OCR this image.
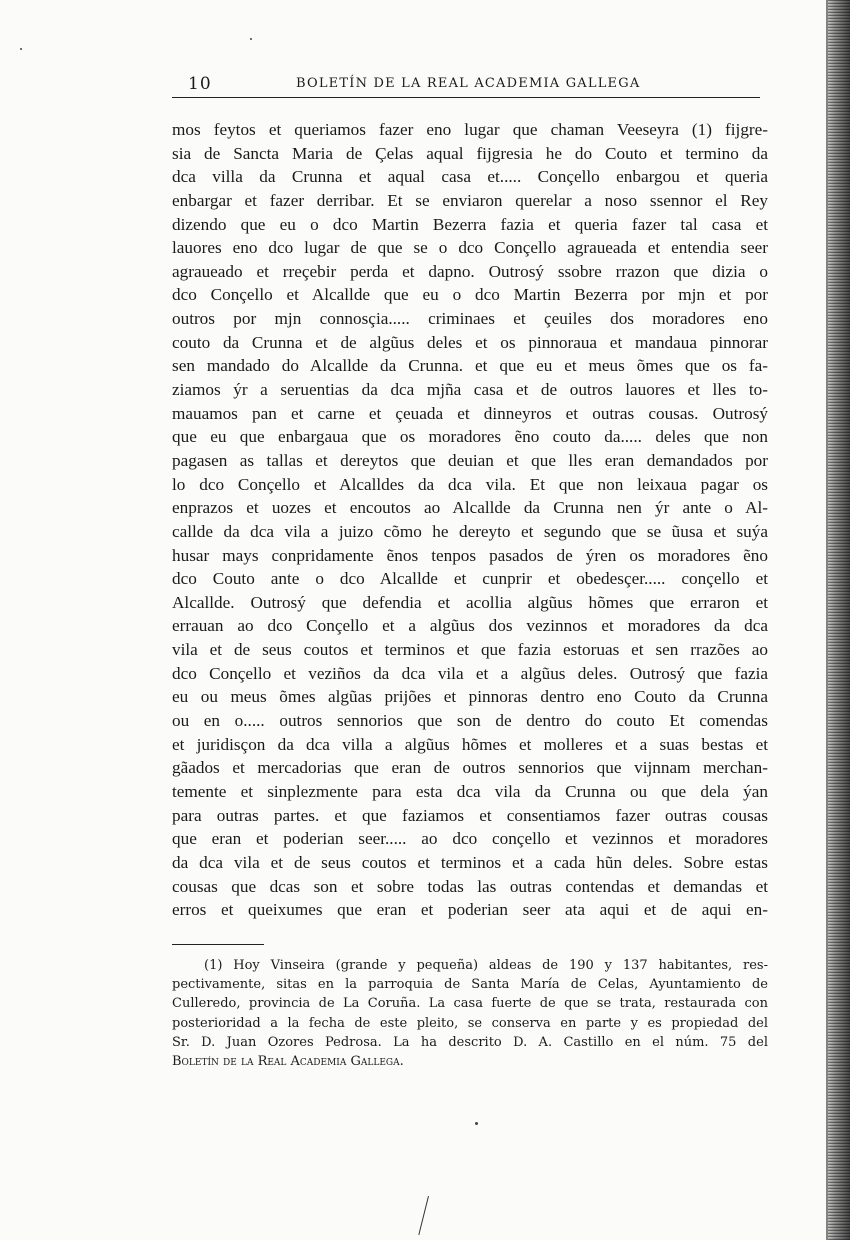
10	BOLETÍN DE LA REAL ACADEMIA GALLEGA
mos feytos et queriamos fazer eno lugar que chaman Veeseyra (1) fijgre-
sia de Sancta Maria de Çelas aqual fijgresia he do Couto et termino da
dca villa da Crunna et aqual casa et..... Conçello enbargou et queria
enbargar et fazer derribar. Et se enviaron querelar a noso ssennor el Rey
dizendo que eu o dco Martin Bezerra fazia et queria fazer tal casa et
lauores eno dco lugar de que se o dco Conçello agraueada et entendia seer
agraueado et rreçebir perda et dapno. Outrosý ssobre rrazon que dizia o
dco Conçello et Alcallde que eu o dco Martin Bezerra por mjn et por
outros por mjn connosçia..... criminaes et çeuiles dos moradores eno
couto da Crunna et de algũus deles et os pinnoraua et mandaua pinnorar
sen mandado do Alcallde da Crunna. et que eu et meus õmes que os fa-
ziamos ýr a seruentias da dca mjña casa et de outros lauores et lles to-
mauamos pan et carne et çeuada et dinneyros et outras cousas. Outrosý
que eu que enbargaua que os moradores ẽno couto da..... deles que non
pagasen as tallas et dereytos que deuian et que lles eran demandados por
lo dco Conçello et Alcalldes da dca vila. Et que non leixaua pagar os
enprazos et uozes et encoutos ao Alcallde da Crunna nen ýr ante o Al-
callde da dca vila a juizo cõmo he dereyto et segundo que se ũusa et suýa
husar mays conpridamente ẽnos tenpos pasados de ýren os moradores ẽno
dco Couto ante o dco Alcallde et cunprir et obedesçer..... conçello et
Alcallde. Outrosý que defendia et acollia algũus hõmes que erraron et
errauan ao dco Conçello et a algũus dos vezinnos et moradores da dca
vila et de seus coutos et terminos et que fazia estoruas et sen rrazões ao
dco Conçello et veziños da dca vila et a algũus deles. Outrosý que fazia
eu ou meus õmes algũas prijões et pinnoras dentro eno Couto da Crunna
ou en o..... outros sennorios que son de dentro do couto Et comendas
et juridisçon da dca villa a algũus hõmes et molleres et a suas bestas et
gãados et mercadorias que eran de outros sennorios que vijnnam merchan-
temente et sinplezmente para esta dca vila da Crunna ou que dela ýan
para outras partes. et que faziamos et consentiamos fazer outras cousas
que eran et poderian seer..... ao dco conçello et vezinnos et moradores
da dca vila et de seus coutos et terminos et a cada hũn deles. Sobre estas
cousas que dcas son et sobre todas las outras contendas et demandas et
erros et queixumes que eran et poderian seer ata aqui et de aqui en-
(1) Hoy Vinseira (grande y pequeña) aldeas de 190 y 137 habitantes, res-
pectivamente, sitas en la parroquia de Santa María de Celas, Ayuntamiento de
Culleredo, provincia de La Coruña. La casa fuerte de que se trata, restaurada con
posterioridad a la fecha de este pleito, se conserva en parte y es propiedad del
Sr. D. Juan Ozores Pedrosa. La ha descrito D. A. Castillo en el núm. 75 del
Boletín de la Real Academia Gallega.
